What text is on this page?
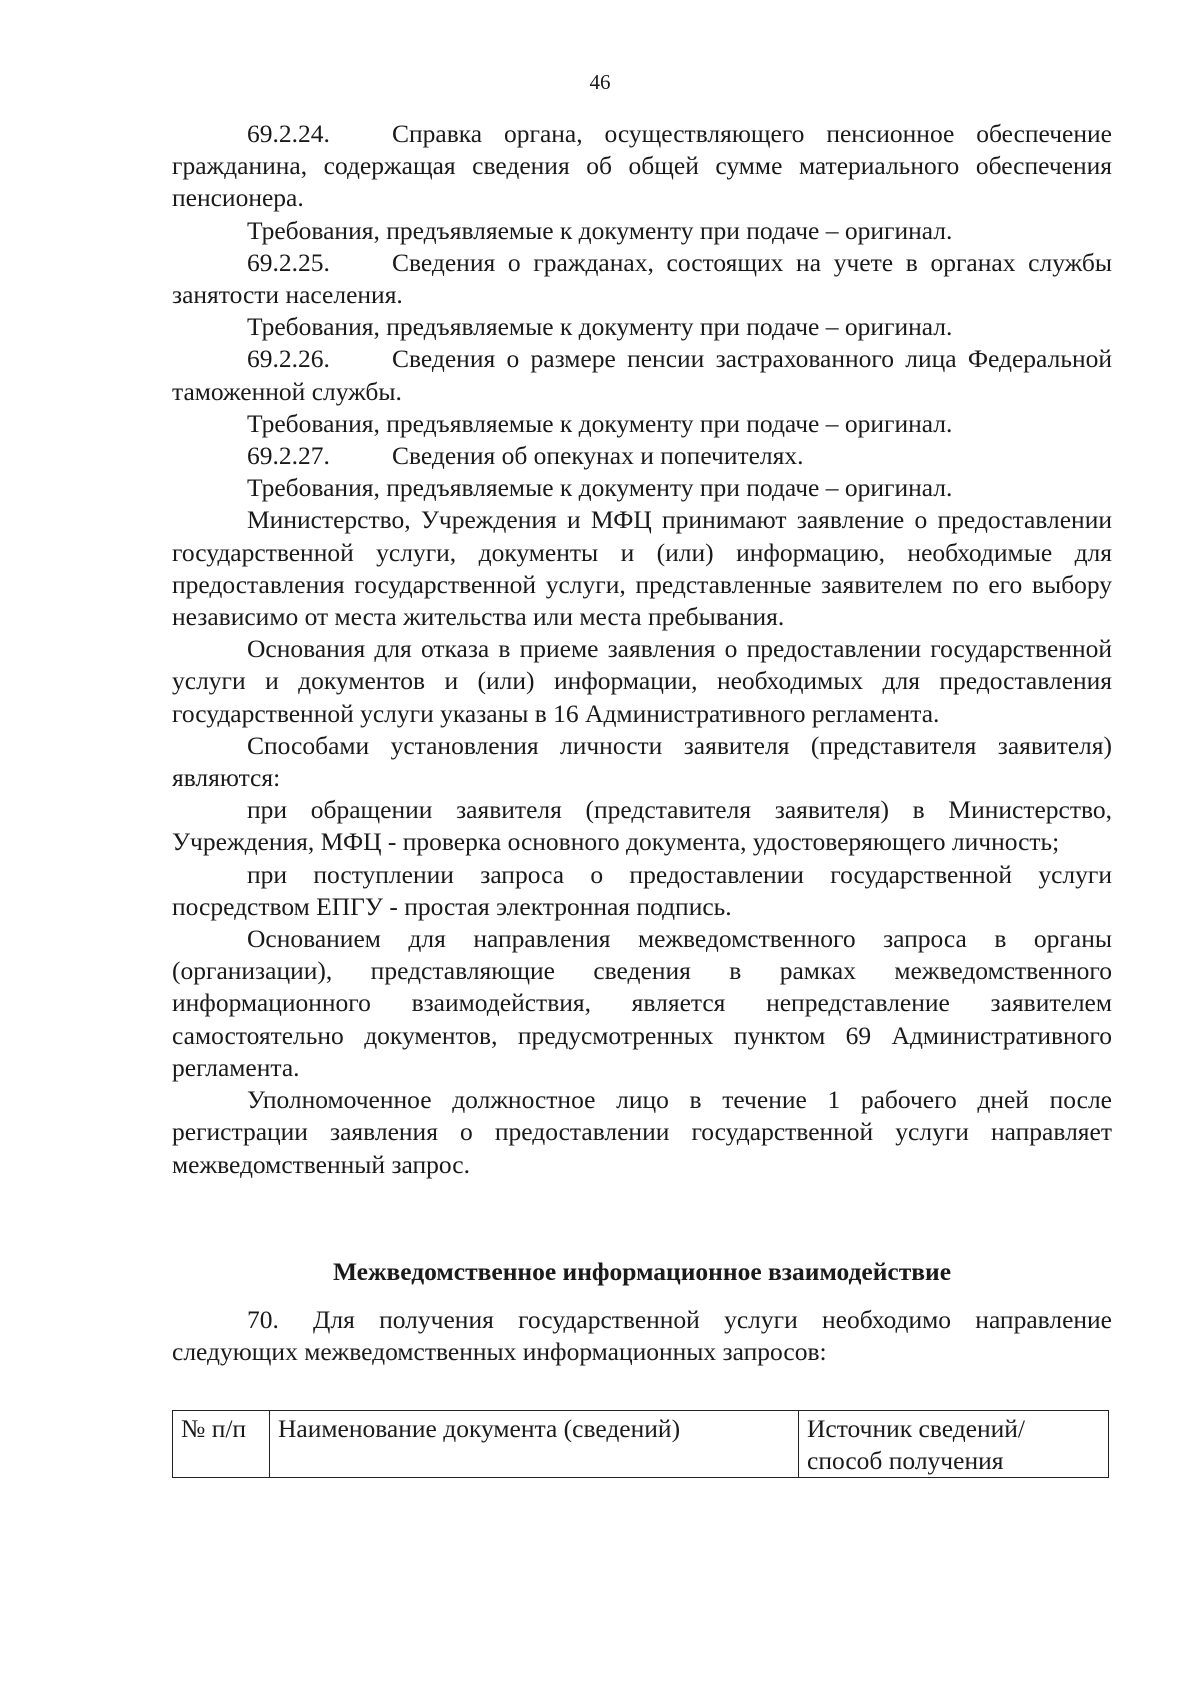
46

69.2.24. Справка органа, осуществляющего пенсионное обеспечение гражданина, содержащая сведения об общей сумме материального обеспечения пенсионера.

Требования, предъявляемые к документу при подаче – оригинал.

69.2.25. Сведения о гражданах, состоящих на учете в органах службы занятости населения.

Требования, предъявляемые к документу при подаче – оригинал.

69.2.26. Сведения о размере пенсии застрахованного лица Федеральной таможенной службы.

Требования, предъявляемые к документу при подаче – оригинал.

69.2.27. Сведения об опекунах и попечителях.

Требования, предъявляемые к документу при подаче – оригинал.

Министерство, Учреждения и МФЦ принимают заявление о предоставлении государственной услуги, документы и (или) информацию, необходимые для предоставления государственной услуги, представленные заявителем по его выбору независимо от места жительства или места пребывания.

Основания для отказа в приеме заявления о предоставлении государственной услуги и документов и (или) информации, необходимых для предоставления государственной услуги указаны в 16 Административного регламента.

Способами установления личности заявителя (представителя заявителя) являются:

при обращении заявителя (представителя заявителя) в Министерство, Учреждения, МФЦ - проверка основного документа, удостоверяющего личность;

при поступлении запроса о предоставлении государственной услуги посредством ЕПГУ - простая электронная подпись.

Основанием для направления межведомственного запроса в органы (организации), представляющие сведения в рамках межведомственного информационного взаимодействия, является непредставление заявителем самостоятельно документов, предусмотренных пунктом 69 Административного регламента.

Уполномоченное должностное лицо в течение 1 рабочего дней после регистрации заявления о предоставлении государственной услуги направляет межведомственный запрос.

Межведомственное информационное взаимодействие

70. Для получения государственной услуги необходимо направление следующих межведомственных информационных запросов:

№ п/п	Наименование документа (сведений)	Источник сведений/способ получения
